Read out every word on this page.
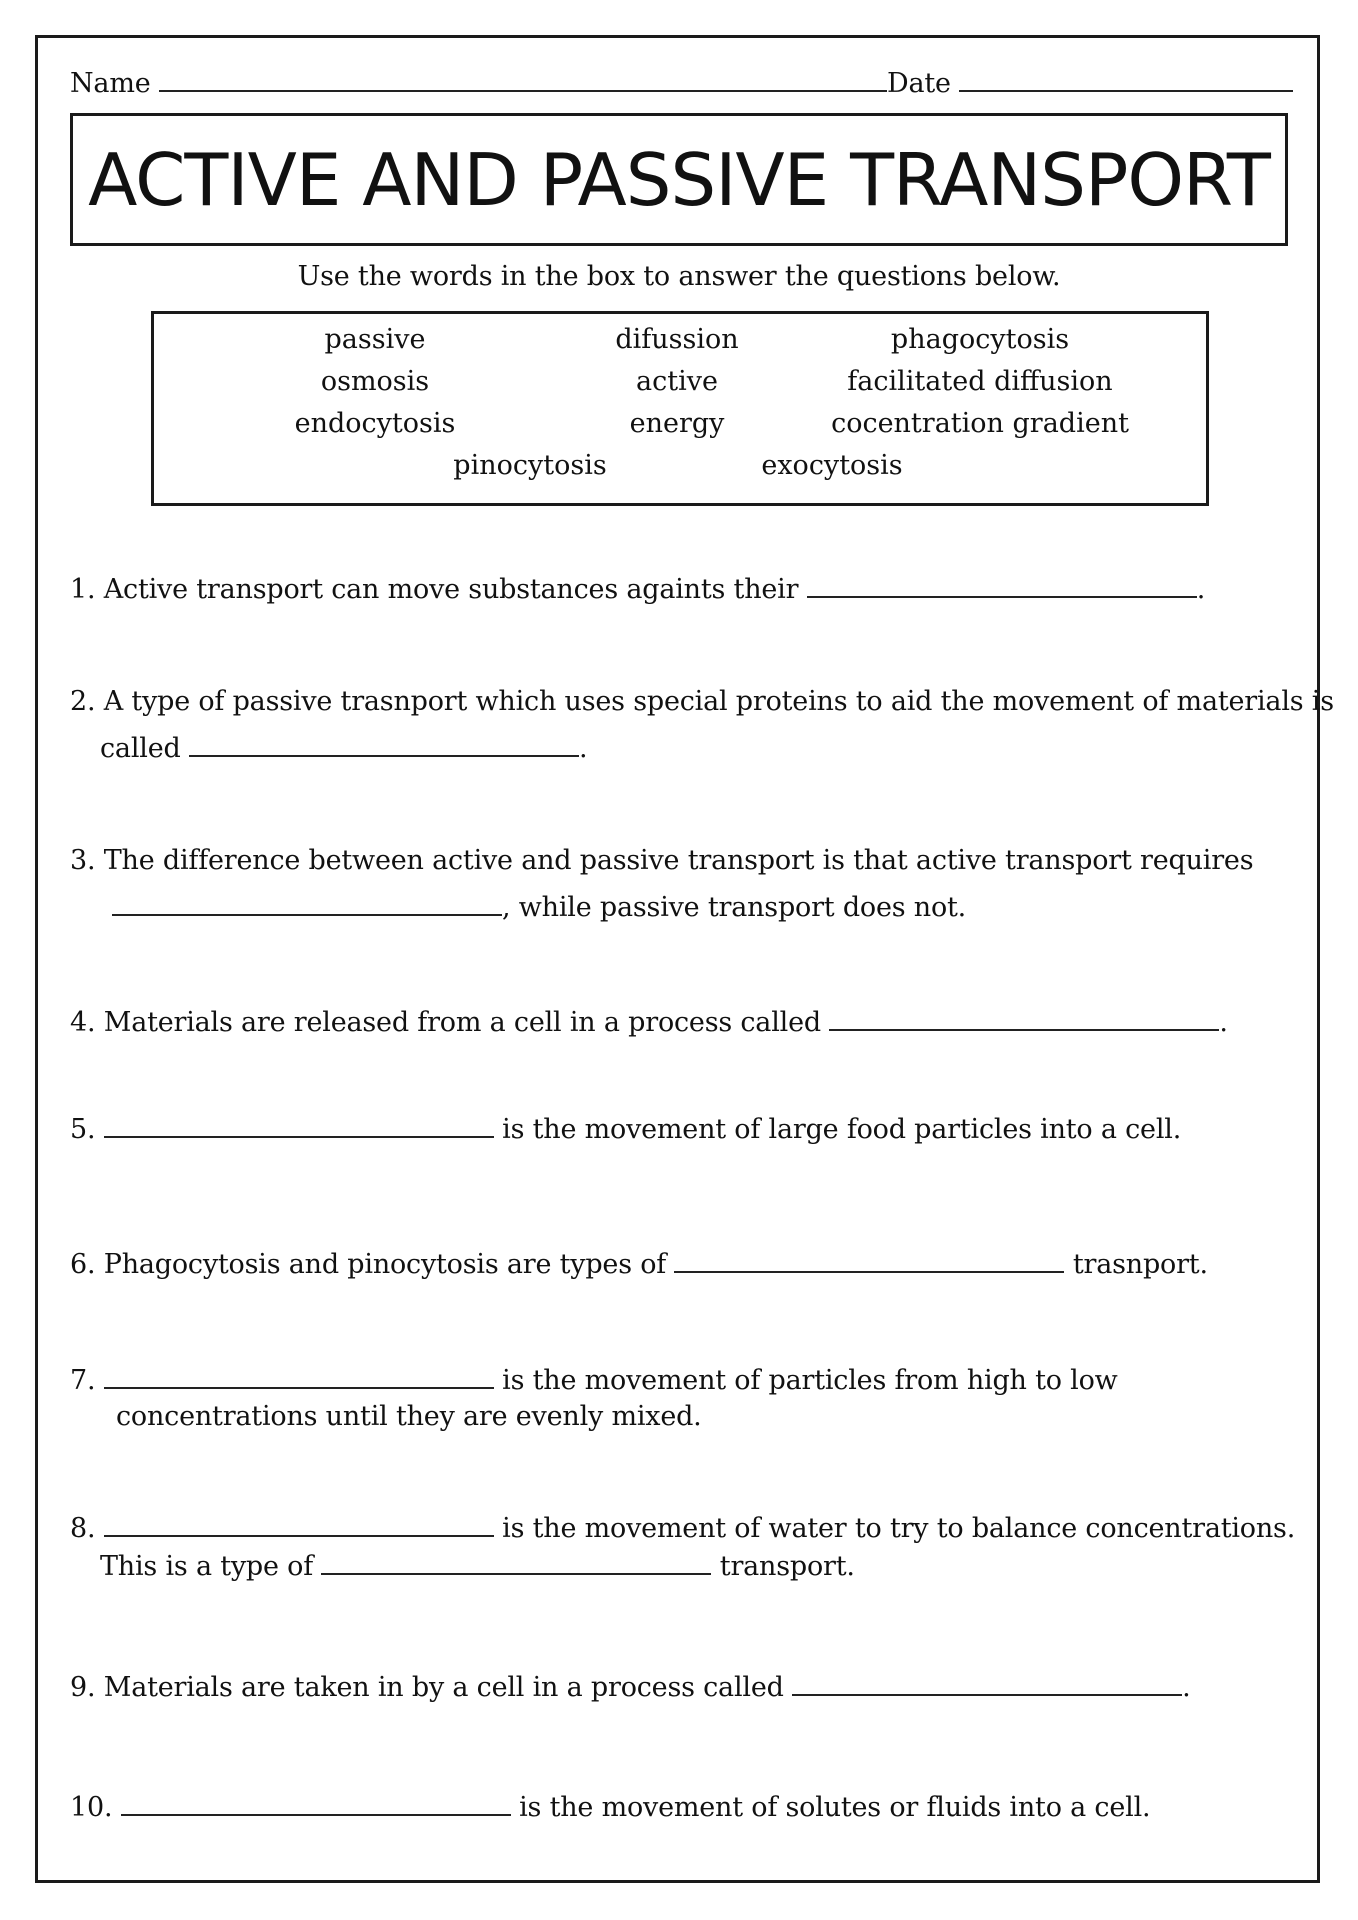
Name	Date
ACTIVE AND PASSIVE TRANSPORT
Use the words in the box to answer the questions below.
passive	difussion	phagocytosis
osmosis	active	facilitated diffusion
endocytosis	energy	cocentration gradient
pinocytosis	exocytosis
1. Active transport can move substances againts their	.
2. A type of passive trasnport which uses special proteins to aid the movement of materials is
called	.
3. The difference between active and passive transport is that active transport requires
, while passive transport does not.
4. Materials are released from a cell in a process called	.
5.	is the movement of large food particles into a cell.
6. Phagocytosis and pinocytosis are types of	trasnport.
7.	is the movement of particles from high to low
concentrations until they are evenly mixed.
8.	is the movement of water to try to balance concentrations.
This is a type of	transport.
9. Materials are taken in by a cell in a process called	.
10.	is the movement of solutes or fluids into a cell.
